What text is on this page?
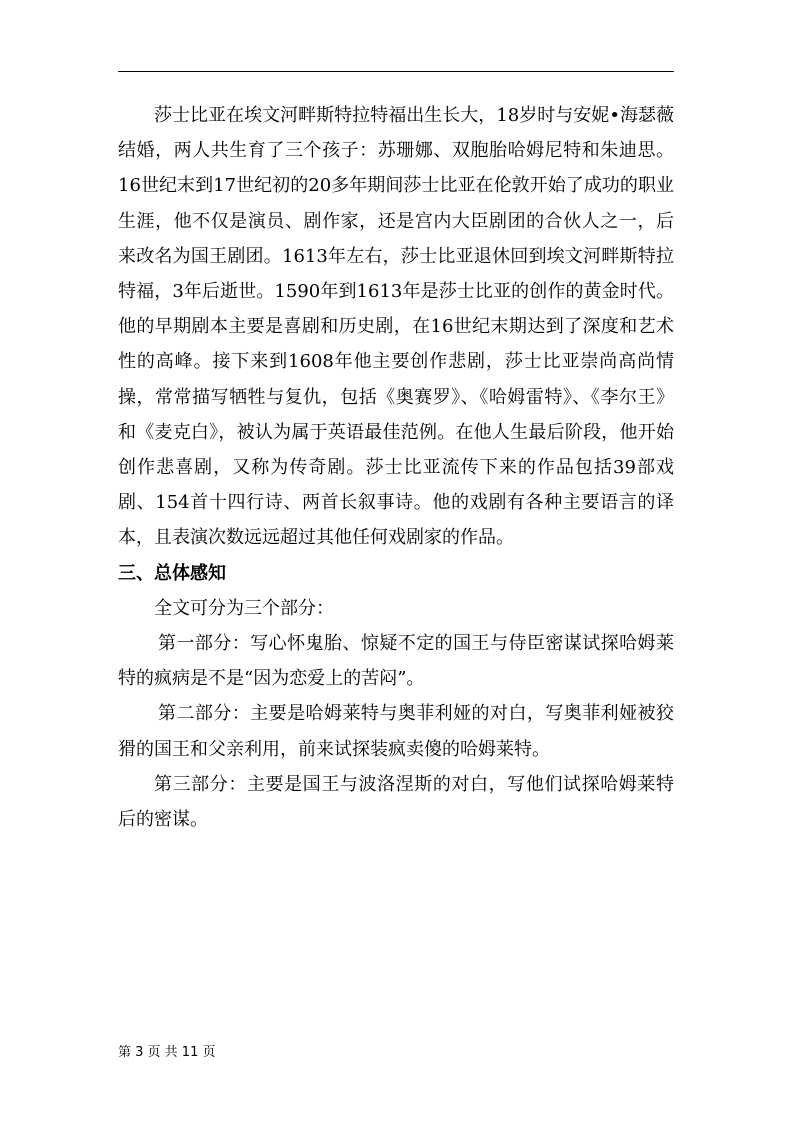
莎士比亚在埃文河畔斯特拉特福出生长大，18岁时与安妮•海瑟薇结婚，两人共生育了三个孩子：苏珊娜、双胞胎哈姆尼特和朱迪思。16世纪末到17世纪初的20多年期间莎士比亚在伦敦开始了成功的职业生涯，他不仅是演员、剧作家，还是宫内大臣剧团的合伙人之一，后来改名为国王剧团。1613年左右，莎士比亚退休回到埃文河畔斯特拉特福，3年后逝世。1590年到1613年是莎士比亚的创作的黄金时代。他的早期剧本主要是喜剧和历史剧，在16世纪末期达到了深度和艺术性的高峰。接下来到1608年他主要创作悲剧，莎士比亚崇尚高尚情操，常常描写牺牲与复仇，包括《奥赛罗》、《哈姆雷特》、《李尔王》和《麦克白》，被认为属于英语最佳范例。在他人生最后阶段，他开始创作悲喜剧，又称为传奇剧。莎士比亚流传下来的作品包括39部戏剧、154首十四行诗、两首长叙事诗。他的戏剧有各种主要语言的译本，且表演次数远远超过其他任何戏剧家的作品。

三、总体感知

全文可分为三个部分：

第一部分：写心怀鬼胎、惊疑不定的国王与侍臣密谋试探哈姆莱特的疯病是不是“因为恋爱上的苦闷”。

第二部分：主要是哈姆莱特与奥菲利娅的对白，写奥菲利娅被狡猾的国王和父亲利用，前来试探装疯卖傻的哈姆莱特。

第三部分：主要是国王与波洛涅斯的对白，写他们试探哈姆莱特后的密谋。

第 3 页 共 11 页
